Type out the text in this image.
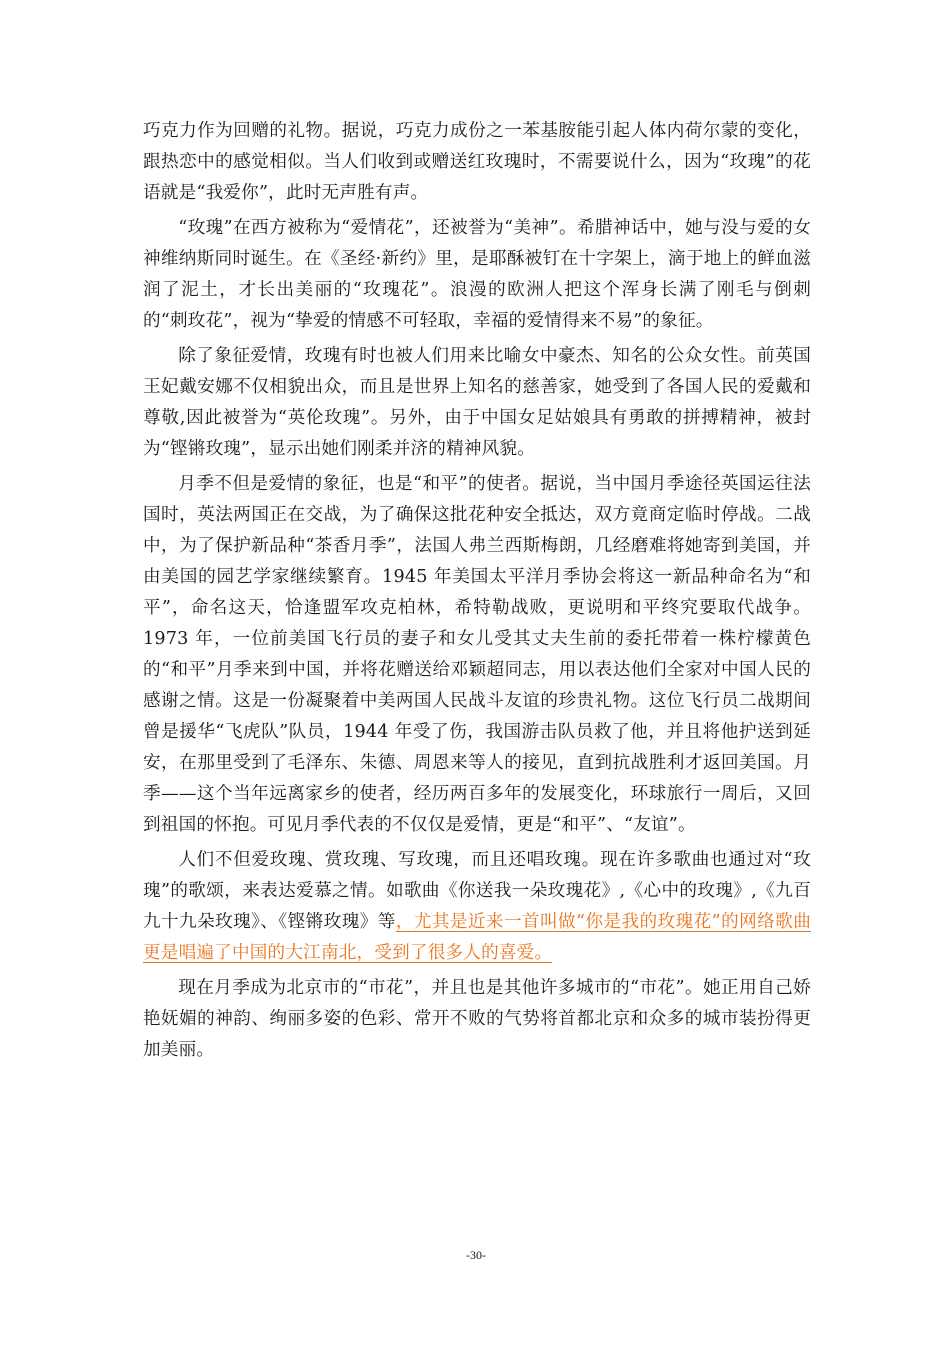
巧克力作为回赠的礼物。据说，巧克力成份之一苯基胺能引起人体内荷尔蒙的变化，跟热恋中的感觉相似。当人们收到或赠送红玫瑰时，不需要说什么，因为“玫瑰”的花语就是“我爱你”，此时无声胜有声。

“玫瑰”在西方被称为“爱情花”，还被誉为“美神”。希腊神话中，她与没与爱的女神维纳斯同时诞生。在《圣经·新约》里，是耶酥被钉在十字架上，滴于地上的鲜血滋润了泥土，才长出美丽的“玫瑰花”。浪漫的欧洲人把这个浑身长满了刚毛与倒刺的“刺玫花”，视为“挚爱的情感不可轻取，幸福的爱情得来不易”的象征。

除了象征爱情，玫瑰有时也被人们用来比喻女中豪杰、知名的公众女性。前英国王妃戴安娜不仅相貌出众，而且是世界上知名的慈善家，她受到了各国人民的爱戴和尊敬,因此被誉为“英伦玫瑰”。另外，由于中国女足姑娘具有勇敢的拼搏精神，被封为“铿锵玫瑰”，显示出她们刚柔并济的精神风貌。

月季不但是爱情的象征，也是“和平”的使者。据说，当中国月季途径英国运往法国时，英法两国正在交战，为了确保这批花种安全抵达，双方竟商定临时停战。二战中，为了保护新品种“茶香月季”，法国人弗兰西斯梅朗，几经磨难将她寄到美国，并由美国的园艺学家继续繁育。1945 年美国太平洋月季协会将这一新品种命名为“和平”，命名这天，恰逢盟军攻克柏林，希特勒战败，更说明和平终究要取代战争。1973 年，一位前美国飞行员的妻子和女儿受其丈夫生前的委托带着一株柠檬黄色的“和平”月季来到中国，并将花赠送给邓颖超同志，用以表达他们全家对中国人民的感谢之情。这是一份凝聚着中美两国人民战斗友谊的珍贵礼物。这位飞行员二战期间曾是援华“飞虎队”队员，1944 年受了伤，我国游击队员救了他，并且将他护送到延安，在那里受到了毛泽东、朱德、周恩来等人的接见，直到抗战胜利才返回美国。月季——这个当年远离家乡的使者，经历两百多年的发展变化，环球旅行一周后，又回到祖国的怀抱。可见月季代表的不仅仅是爱情，更是“和平”、“友谊”。

人们不但爱玫瑰、赏玫瑰、写玫瑰，而且还唱玫瑰。现在许多歌曲也通过对“玫瑰”的歌颂，来表达爱慕之情。如歌曲《你送我一朵玫瑰花》,《心中的玫瑰》,《九百九十九朵玫瑰》、《铿锵玫瑰》等，尤其是近来一首叫做“你是我的玫瑰花”的网络歌曲更是唱遍了中国的大江南北，受到了很多人的喜爱。

现在月季成为北京市的“市花”，并且也是其他许多城市的“市花”。她正用自己娇艳妩媚的神韵、绚丽多姿的色彩、常开不败的气势将首都北京和众多的城市装扮得更加美丽。

-30-
